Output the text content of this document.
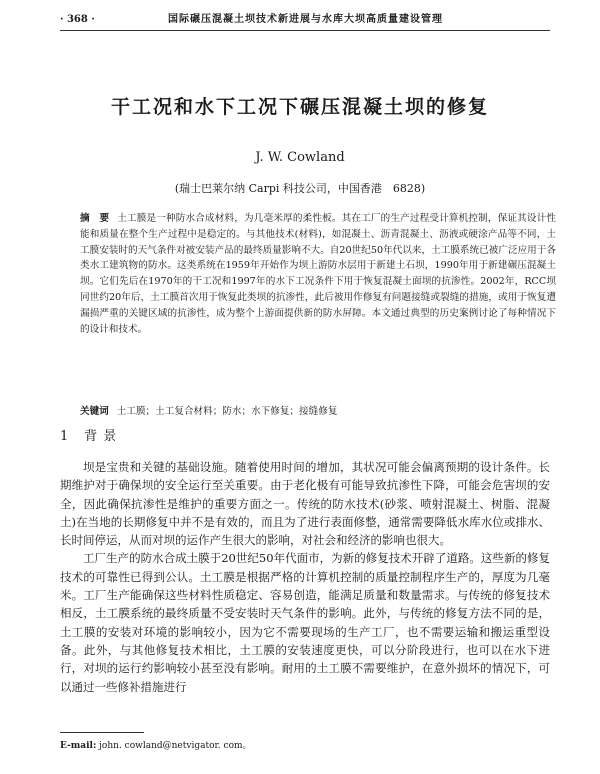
· 368 ·	国际碾压混凝土坝技术新进展与水库大坝高质量建设管理
干工况和水下工况下碾压混凝土坝的修复
J. W. Cowland
(瑞士巴莱尔纳 Carpi 科技公司，中国香港　6828)

摘　要 土工膜是一种防水合成材料，为几毫米厚的柔性板。其在工厂的生产过程受计算机控制，保证其设计性能和质量在整个生产过程中是稳定的。与其他技术(材料)，如混凝土、沥青混凝土、沥液或硬涂产品等不同，土工膜安装时的天气条件对被安装产品的最终质量影响不大。自20世纪50年代以来，土工膜系统已被广泛应用于各类水工建筑物的防水。这类系统在1959年开始作为坝上游防水层用于新建土石坝，1990年用于新建碾压混凝土坝。它们先后在1970年的干工况和1997年的水下工况条件下用于恢复混凝土面坝的抗渗性。2002年，RCC坝同世约20年后，土工膜首次用于恢复此类坝的抗渗性，此后被用作修复有问题接缝或裂缝的措施，或用于恢复遭漏损严重的关键区域的抗渗性，成为整个上游面提供新的防水屏障。本文通过典型的历史案例讨论了每种情况下的设计和技术。

关键词 土工膜；土工复合材料；防水；水下修复；接缝修复
1 背景

坝是宝贵和关键的基础设施。随着使用时间的增加，其状况可能会偏离预期的设计条件。长期维护对于确保坝的安全运行至关重要。由于老化极有可能导致抗渗性下降，可能会危害坝的安全，因此确保抗渗性是维护的重要方面之一。传统的防水技术(砂浆、喷射混凝土、树脂、混凝土)在当地的长期修复中并不是有效的，而且为了进行表面修整，通常需要降低水库水位或排水、长时间停运，从而对坝的运作产生很大的影响，对社会和经济的影响也很大。

工厂生产的防水合成土膜于20世纪50年代面市，为新的修复技术开辟了道路。这些新的修复技术的可靠性已得到公认。土工膜是根据严格的计算机控制的质量控制程序生产的，厚度为几毫米。工厂生产能确保这些材料性质稳定、容易创造，能满足质量和数量需求。与传统的修复技术相反，土工膜系统的最终质量不受安装时天气条件的影响。此外，与传统的修复方法不同的是，土工膜的安装对环境的影响较小，因为它不需要现场的生产工厂，也不需要运输和搬运重型设备。此外，与其他修复技术相比，土工膜的安装速度更快，可以分阶段进行，也可以在水下进行，对坝的运行约影响较小甚至没有影响。耐用的土工膜不需要维护，在意外损坏的情况下，可以通过一些修补措施进行

E-mail: john. cowland@netvigator. com。
